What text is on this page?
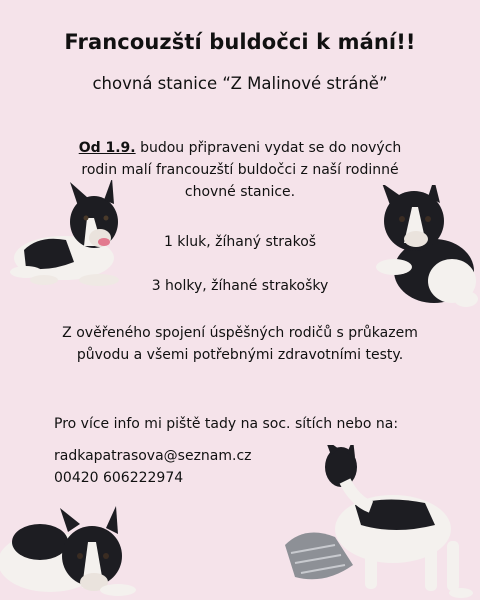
Francouzští buldočci k mání!!
chovná stanice “Z Malinové stráně”
Od 1.9. budou připraveni vydat se do nových rodin malí francouzští buldočci z naší rodinné chovné stanice.
1 kluk, žíhaný strakoš
3 holky, žíhané strakošky
Z ověřeného spojení úspěšných rodičů s průkazem původu a všemi potřebnými zdravotními testy.
Pro více info mi piště tady na soc. sítích nebo na:
radkapatrasova@seznam.cz
00420 606222974
